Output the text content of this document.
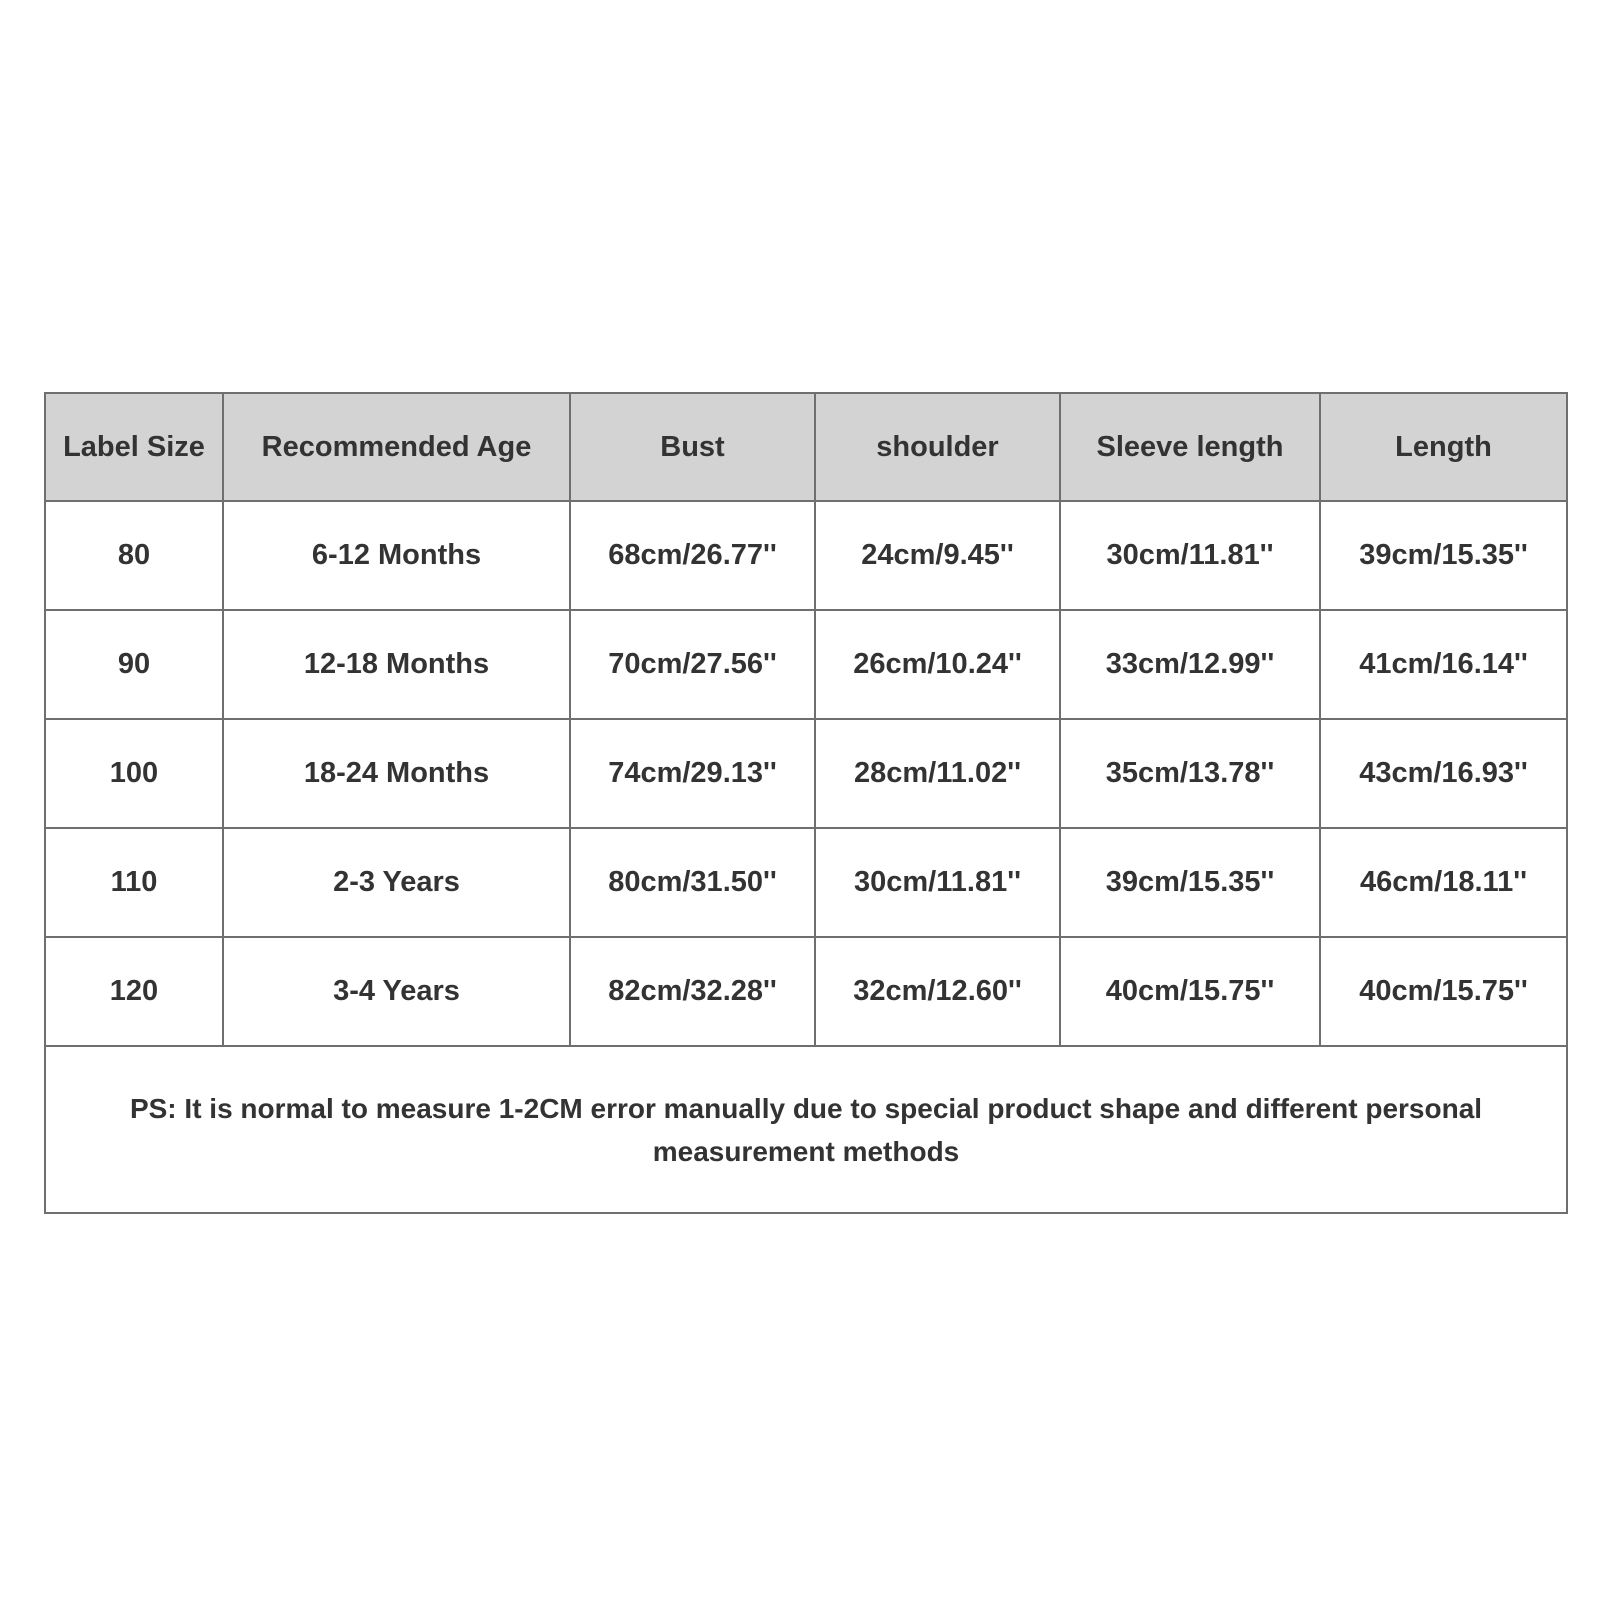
Label Size	Recommended Age	Bust	shoulder	Sleeve length	Length
80	6-12 Months	68cm/26.77''	24cm/9.45''	30cm/11.81''	39cm/15.35''
90	12-18 Months	70cm/27.56''	26cm/10.24''	33cm/12.99''	41cm/16.14''
100	18-24 Months	74cm/29.13''	28cm/11.02''	35cm/13.78''	43cm/16.93''
110	2-3 Years	80cm/31.50''	30cm/11.81''	39cm/15.35''	46cm/18.11''
120	3-4 Years	82cm/32.28''	32cm/12.60''	40cm/15.75''	40cm/15.75''
PS: It is normal to measure 1-2CM error manually due to special product shape and different personal measurement methods					
